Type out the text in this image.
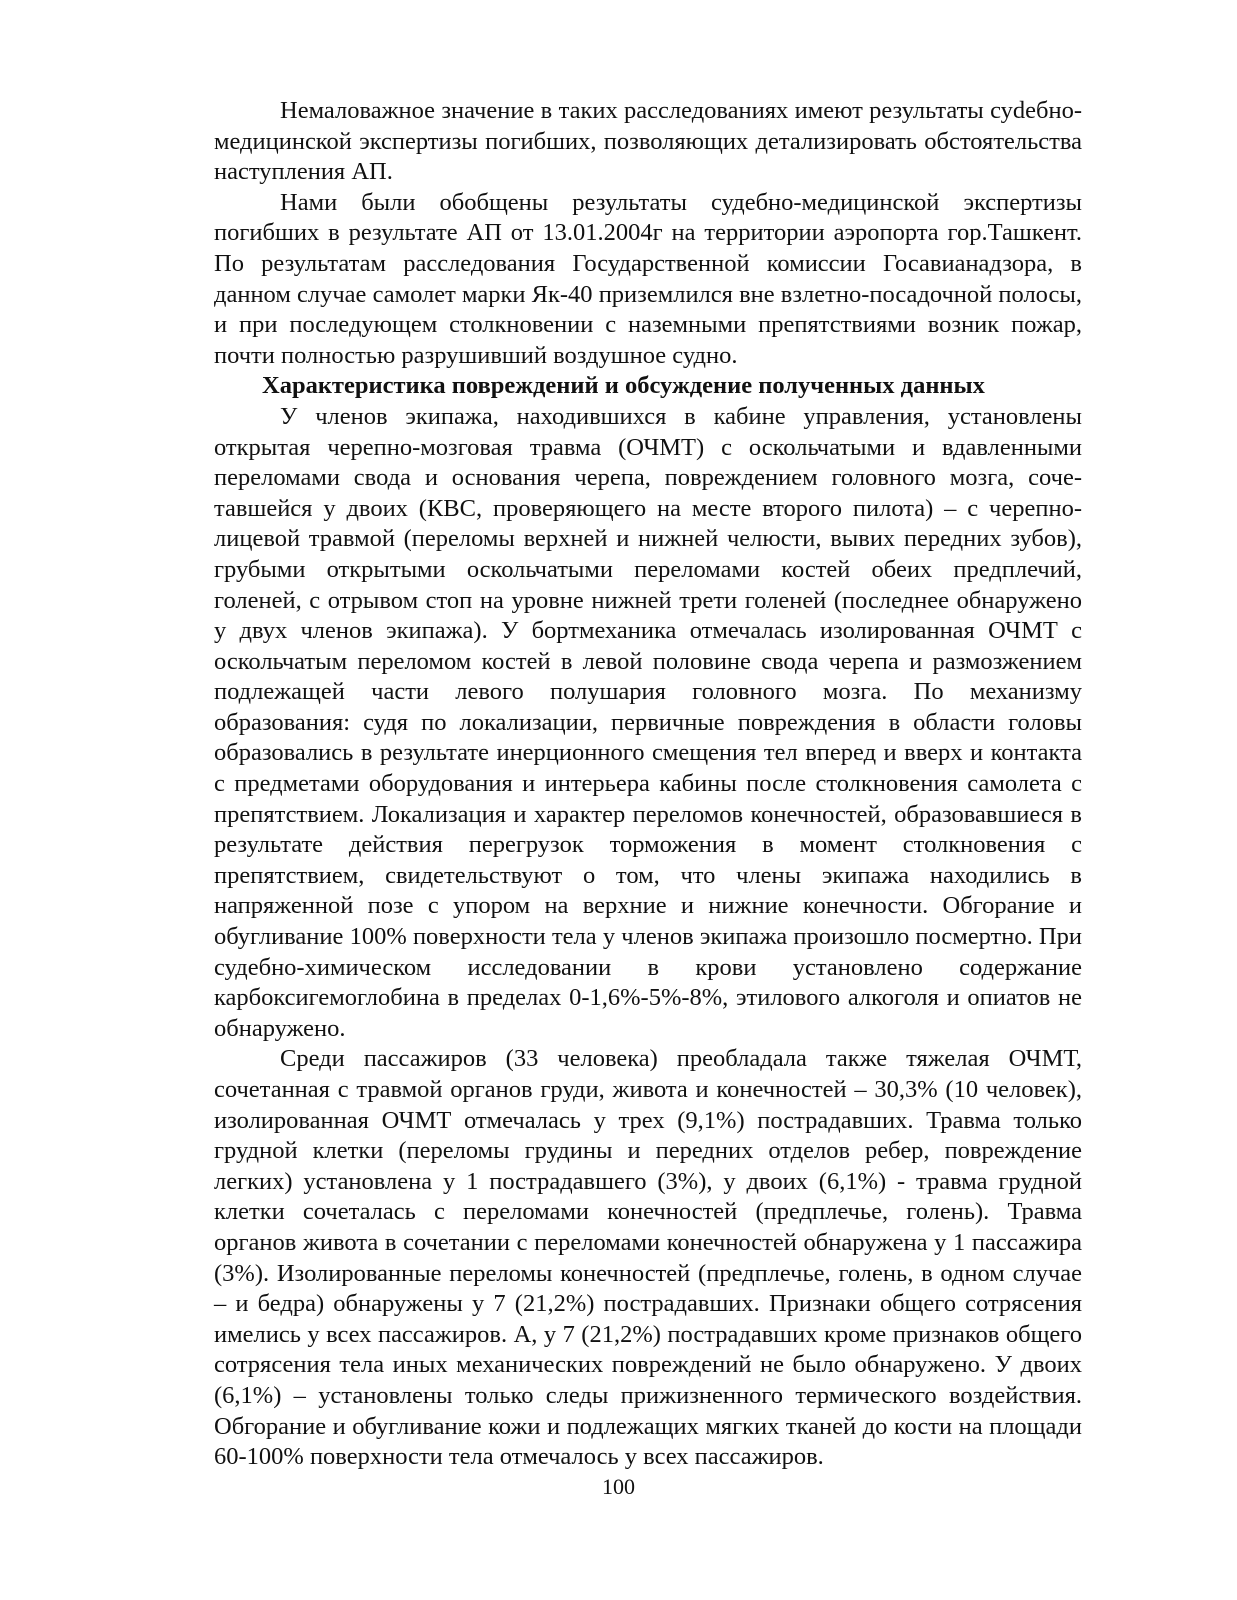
Немаловажное значение в таких расследованиях имеют результаты суdебно-медицинской экспертизы погибших, позволяющих детализировать обстоятельства наступления АП.

Нами были обобщены результаты судебно-медицинской экспертизы погибших в результате АП от 13.01.2004г на территории аэропорта гор.Ташкент. По результатам расследования Государственной комиссии Госавианадзора, в данном случае самолет марки Як-40 приземлился вне взлетно-посадочной полосы, и при последующем столкновении с наземными препятствиями возник пожар, почти полностью разрушивший воздушное судно.

Характеристика повреждений и обсуждение полученных данных

У членов экипажа, находившихся в кабине управления, установлены открытая черепно-мозговая травма (ОЧМТ) с оскольчатыми и вдавленными переломами свода и основания черепа, повреждением головного мозга, сочетавшейся у двоих (КВС, проверяющего на месте второго пилота) – с черепно-лицевой травмой (переломы верхней и нижней челюсти, вывих передних зубов), грубыми открытыми оскольчатыми переломами костей обеих предплечий, голеней, с отрывом стоп на уровне нижней трети голеней (последнее обнаружено у двух членов экипажа). У бортмеханика отмечалась изолированная ОЧМТ с оскольчатым переломом костей в левой половине свода черепа и размозжением подлежащей части левого полушария головного мозга. По механизму образования: судя по локализации, первичные повреждения в области головы образовались в результате инерционного смещения тел вперед и вверх и контакта с предметами оборудования и интерьера кабины после столкновения самолета с препятствием. Локализация и характер переломов конечностей, образовавшиеся в результате действия перегрузок торможения в момент столкновения с препятствием, свидетельствуют о том, что члены экипажа находились в напряженной позе с упором на верхние и нижние конечности. Обгорание и обугливание 100% поверхности тела у членов экипажа произошло посмертно. При судебно-химическом исследовании в крови установлено содержание карбоксигемоглобина в пределах 0-1,6%-5%-8%, этилового алкоголя и опиатов не обнаружено.

Среди пассажиров (33 человека) преобладала также тяжелая ОЧМТ, сочетанная с травмой органов груди, живота и конечностей – 30,3% (10 человек), изолированная ОЧМТ отмечалась у трех (9,1%) пострадавших. Травма только грудной клетки (переломы грудины и передних отделов ребер, повреждение легких) установлена у 1 пострадавшего (3%), у двоих (6,1%) - травма грудной клетки сочеталась с переломами конечностей (предплечье, голень). Травма органов живота в сочетании с переломами конечностей обнаружена у 1 пассажира (3%). Изолированные переломы конечностей (предплечье, голень, в одном случае – и бедра) обнаружены у 7 (21,2%) пострадавших. Признаки общего сотрясения имелись у всех пассажиров. А, у 7 (21,2%) пострадавших кроме признаков общего сотрясения тела иных механических повреждений не было обнаружено. У двоих (6,1%) – установлены только следы прижизненного термического воздействия. Обгорание и обугливание кожи и подлежащих мягких тканей до кости на площади 60-100% поверхности тела отмечалось у всех пассажиров.

100
